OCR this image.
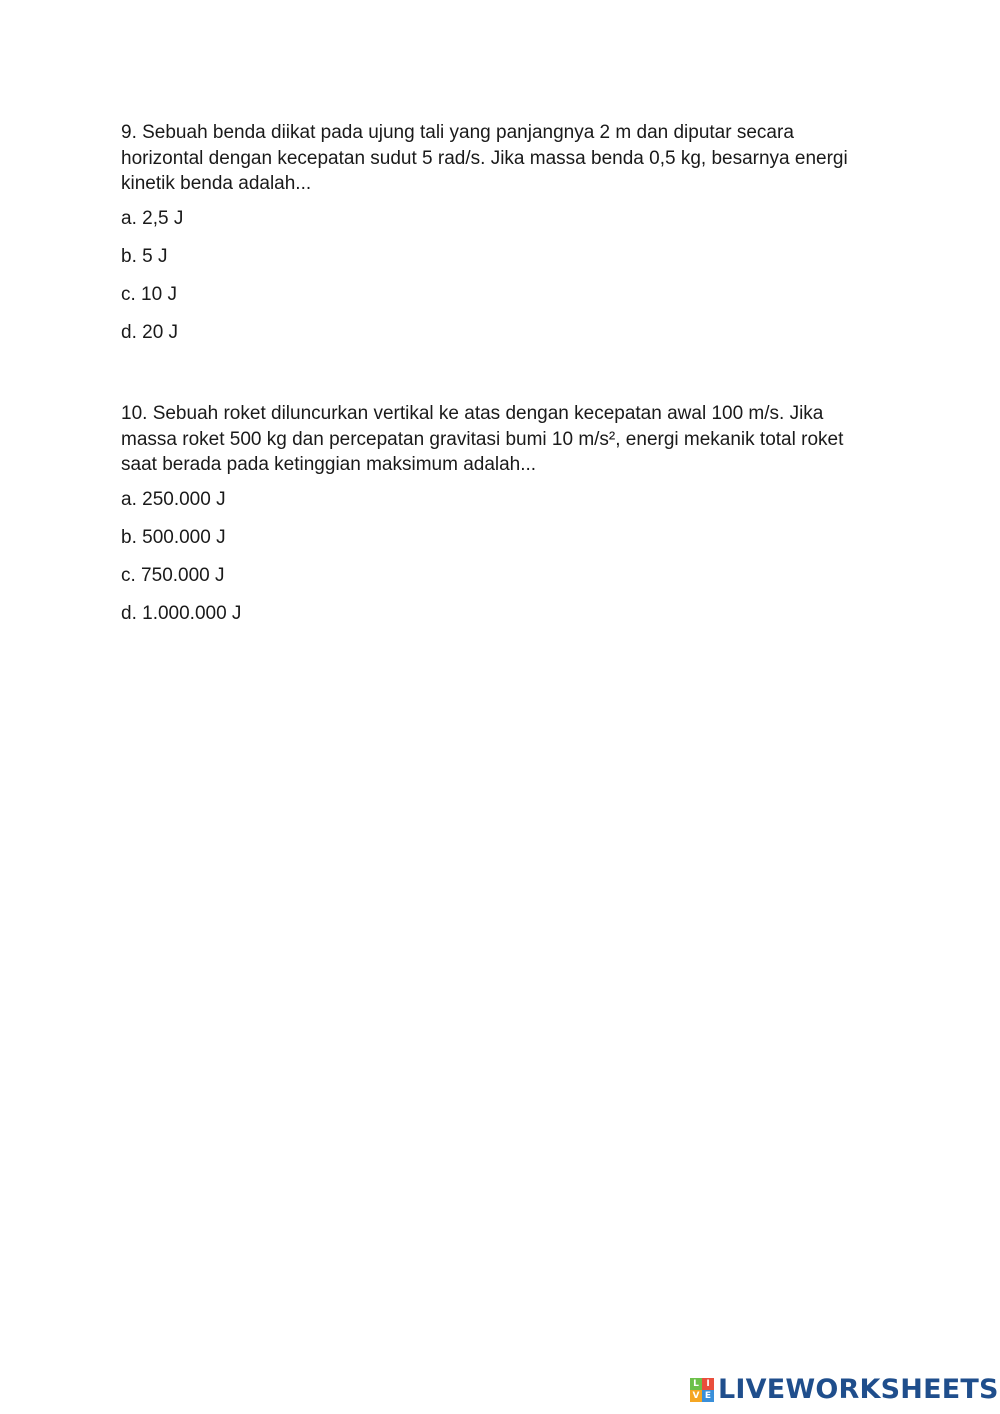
9. Sebuah benda diikat pada ujung tali yang panjangnya 2 m dan diputar secara horizontal dengan kecepatan sudut 5 rad/s. Jika massa benda 0,5 kg, besarnya energi kinetik benda adalah...

a. 2,5 J
b. 5 J
c. 10 J
d. 20 J

10. Sebuah roket diluncurkan vertikal ke atas dengan kecepatan awal 100 m/s. Jika massa roket 500 kg dan percepatan gravitasi bumi 10 m/s², energi mekanik total roket saat berada pada ketinggian maksimum adalah...

a. 250.000 J
b. 500.000 J
c. 750.000 J
d. 1.000.000 J
L I
V E LIVEWORKSHEETS
